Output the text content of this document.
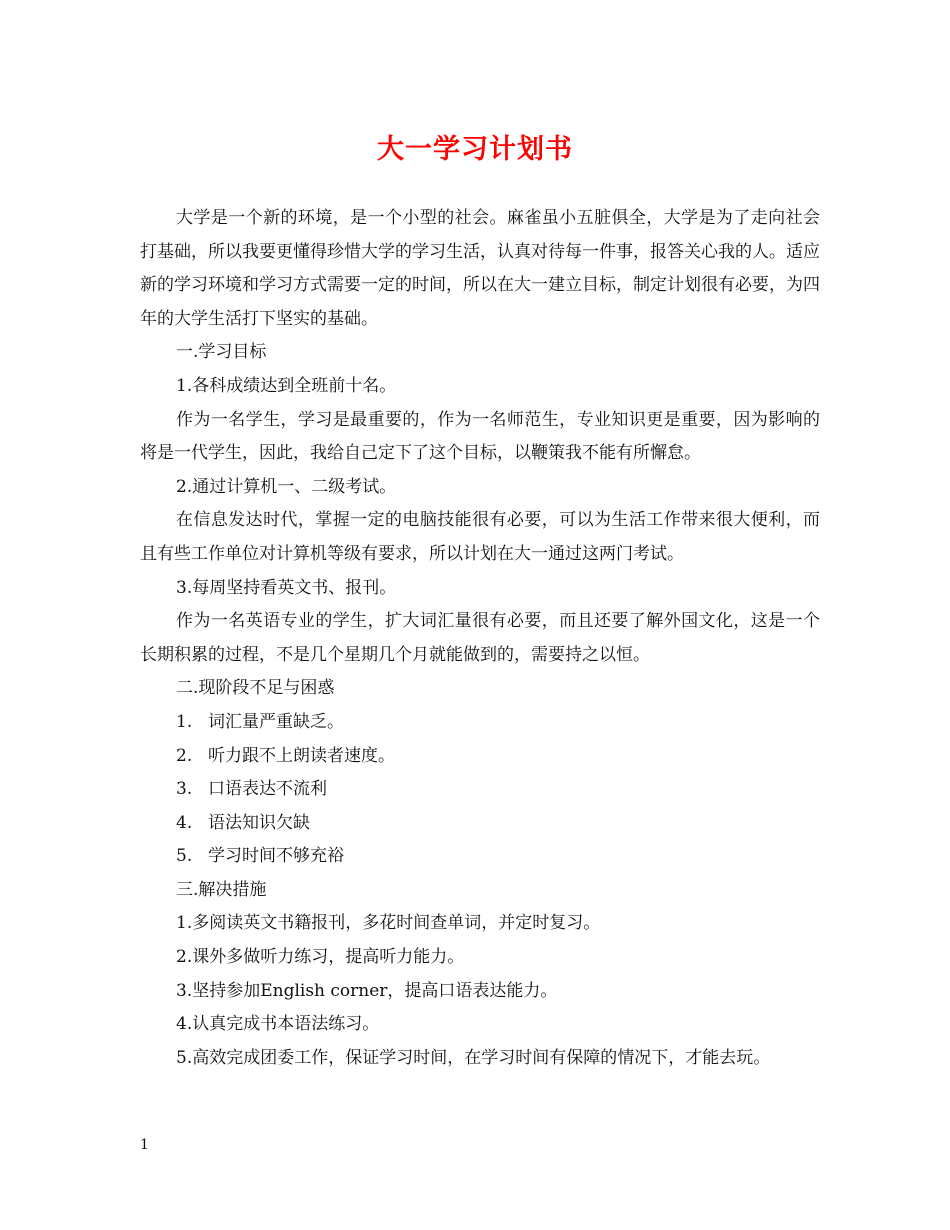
大一学习计划书

大学是一个新的环境，是一个小型的社会。麻雀虽小五脏俱全，大学是为了走向社会打基础，所以我要更懂得珍惜大学的学习生活，认真对待每一件事，报答关心我的人。适应新的学习环境和学习方式需要一定的时间，所以在大一建立目标，制定计划很有必要，为四年的大学生活打下坚实的基础。

一.学习目标

1.各科成绩达到全班前十名。

作为一名学生，学习是最重要的，作为一名师范生，专业知识更是重要，因为影响的将是一代学生，因此，我给自己定下了这个目标，以鞭策我不能有所懈怠。

2.通过计算机一、二级考试。

在信息发达时代，掌握一定的电脑技能很有必要，可以为生活工作带来很大便利，而且有些工作单位对计算机等级有要求，所以计划在大一通过这两门考试。

3.每周坚持看英文书、报刊。

作为一名英语专业的学生，扩大词汇量很有必要，而且还要了解外国文化，这是一个长期积累的过程，不是几个星期几个月就能做到的，需要持之以恒。

二.现阶段不足与困惑

1. 词汇量严重缺乏。

2. 听力跟不上朗读者速度。

3. 口语表达不流利

4. 语法知识欠缺

5. 学习时间不够充裕

三.解决措施

1.多阅读英文书籍报刊，多花时间查单词，并定时复习。

2.课外多做听力练习，提高听力能力。

3.坚持参加English corner，提高口语表达能力。

4.认真完成书本语法练习。

5.高效完成团委工作，保证学习时间，在学习时间有保障的情况下，才能去玩。

1
